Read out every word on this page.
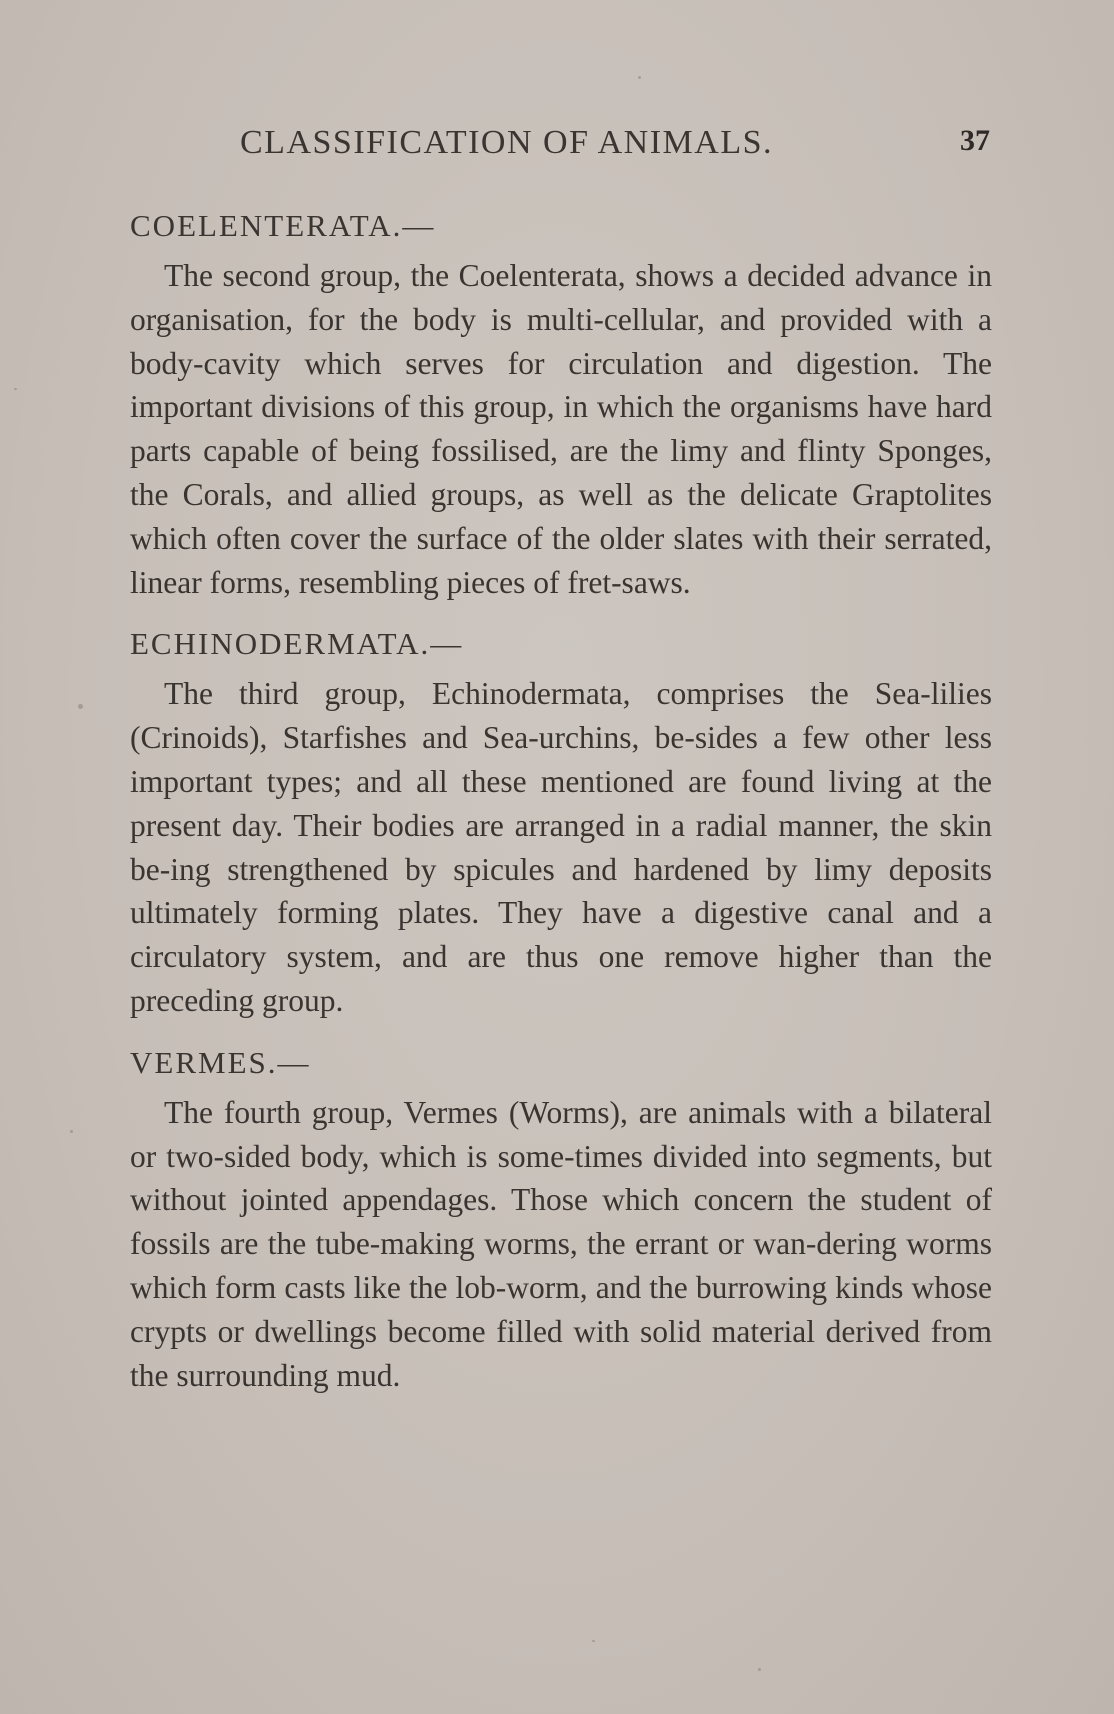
CLASSIFICATION OF ANIMALS.	37
COELENTERATA.—

The second group, the Coelenterata, shows a decided advance in organisation, for the body is multi-cellular, and provided with a body-cavity which serves for circulation and digestion. The important divisions of this group, in which the organisms have hard parts capable of being fossilised, are the limy and flinty Sponges, the Corals, and allied groups, as well as the delicate Graptolites which often cover the surface of the older slates with their serrated, linear forms, resembling pieces of fret-saws.

ECHINODERMATA.—

The third group, Echinodermata, comprises the Sea-lilies (Crinoids), Starfishes and Sea-urchins, be-sides a few other less important types; and all these mentioned are found living at the present day. Their bodies are arranged in a radial manner, the skin be-ing strengthened by spicules and hardened by limy deposits ultimately forming plates. They have a digestive canal and a circulatory system, and are thus one remove higher than the preceding group.

VERMES.—

The fourth group, Vermes (Worms), are animals with a bilateral or two-sided body, which is some-times divided into segments, but without jointed appendages. Those which concern the student of fossils are the tube-making worms, the errant or wan-dering worms which form casts like the lob-worm, and the burrowing kinds whose crypts or dwellings become filled with solid material derived from the surrounding mud.
